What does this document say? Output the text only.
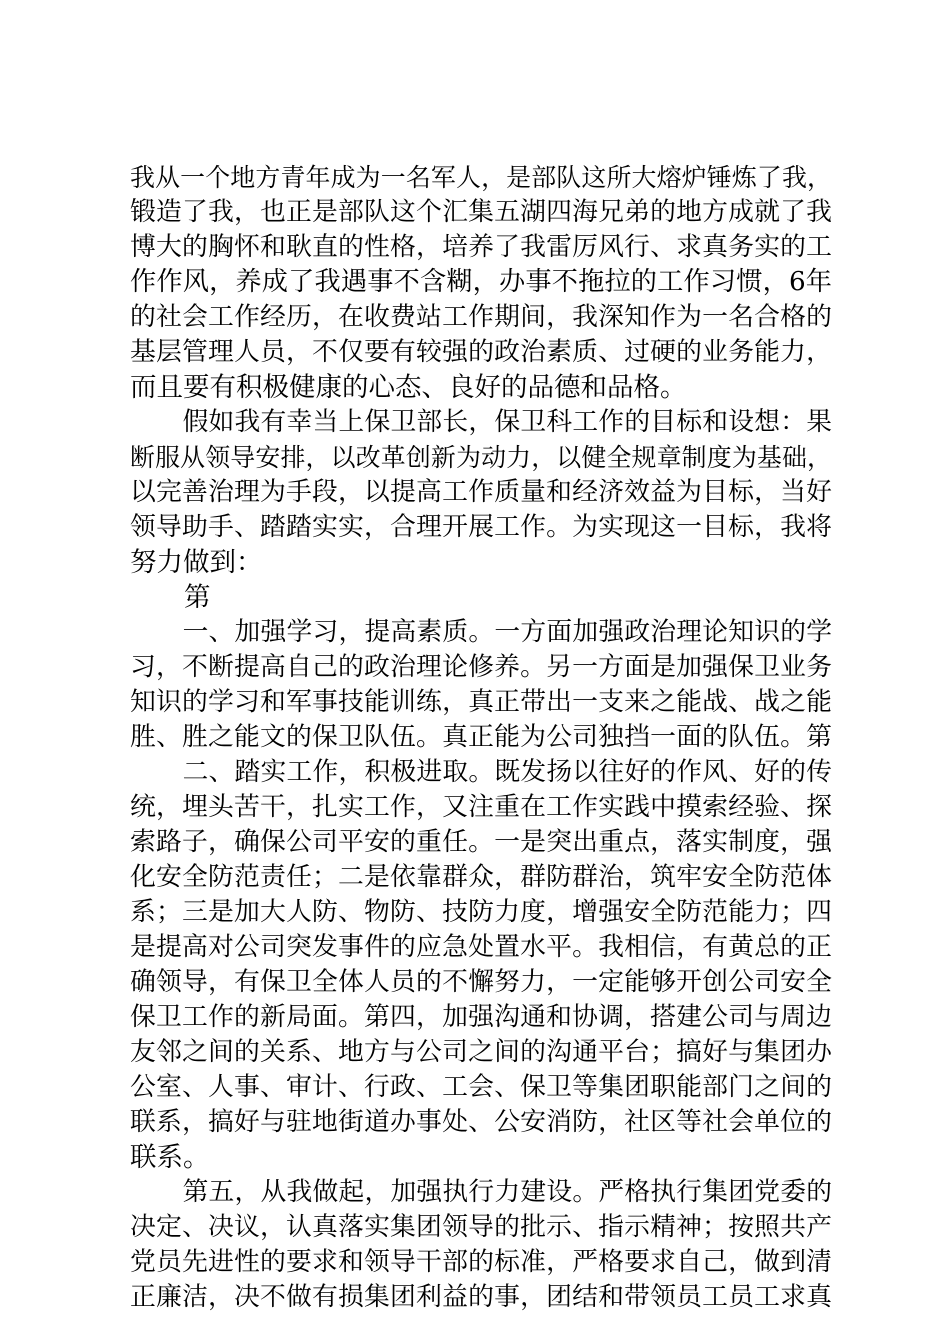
我从一个地方青年成为一名军人，是部队这所大熔炉锤炼了我，
锻造了我，也正是部队这个汇集五湖四海兄弟的地方成就了我
博大的胸怀和耿直的性格，培养了我雷厉风行、求真务实的工
作作风，养成了我遇事不含糊，办事不拖拉的工作习惯，6年
的社会工作经历，在收费站工作期间，我深知作为一名合格的
基层管理人员，不仅要有较强的政治素质、过硬的业务能力，
而且要有积极健康的心态、良好的品德和品格。
假如我有幸当上保卫部长，保卫科工作的目标和设想：果
断服从领导安排，以改革创新为动力，以健全规章制度为基础，
以完善治理为手段，以提高工作质量和经济效益为目标，当好
领导助手、踏踏实实，合理开展工作。为实现这一目标，我将
努力做到：
第
一、加强学习，提高素质。一方面加强政治理论知识的学
习，不断提高自己的政治理论修养。另一方面是加强保卫业务
知识的学习和军事技能训练，真正带出一支来之能战、战之能
胜、胜之能文的保卫队伍。真正能为公司独挡一面的队伍。第
二、踏实工作，积极进取。既发扬以往好的作风、好的传
统，埋头苦干，扎实工作，又注重在工作实践中摸索经验、探
索路子，确保公司平安的重任。一是突出重点，落实制度，强
化安全防范责任；二是依靠群众，群防群治，筑牢安全防范体
系；三是加大人防、物防、技防力度，增强安全防范能力；四
是提高对公司突发事件的应急处置水平。我相信，有黄总的正
确领导，有保卫全体人员的不懈努力，一定能够开创公司安全
保卫工作的新局面。第四，加强沟通和协调，搭建公司与周边
友邻之间的关系、地方与公司之间的沟通平台；搞好与集团办
公室、人事、审计、行政、工会、保卫等集团职能部门之间的
联系，搞好与驻地街道办事处、公安消防，社区等社会单位的
联系。
第五，从我做起，加强执行力建设。严格执行集团党委的
决定、决议，认真落实集团领导的批示、指示精神；按照共产
党员先进性的要求和领导干部的标准，严格要求自己，做到清
正廉洁，决不做有损集团利益的事，团结和带领员工员工求真
